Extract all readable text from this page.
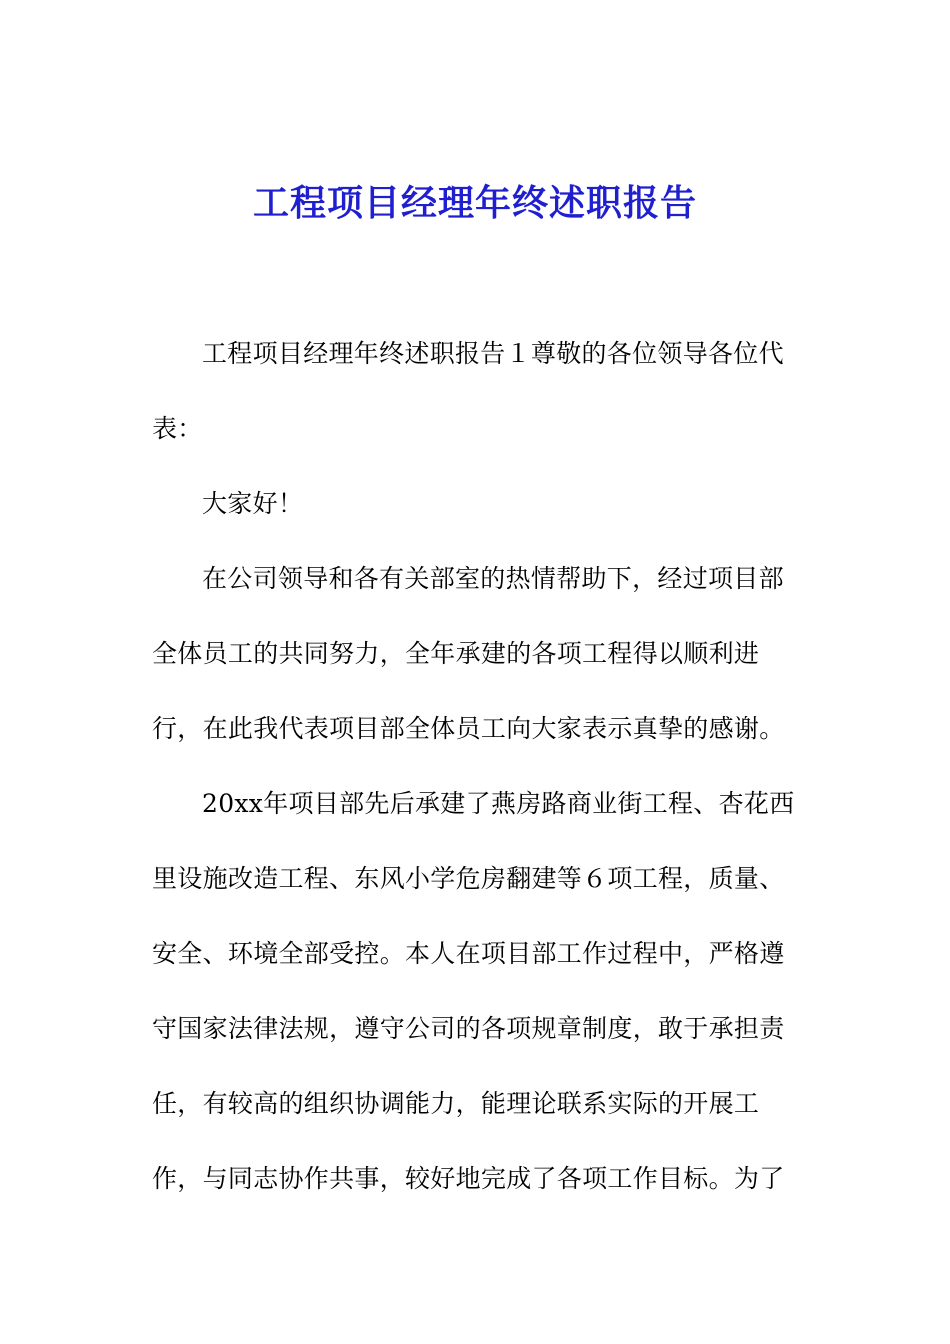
工程项目经理年终述职报告
工程项目经理年终述职报告１尊敬的各位领导各位代
表：
大家好！
在公司领导和各有关部室的热情帮助下，经过项目部
全体员工的共同努力，全年承建的各项工程得以顺利进
行，在此我代表项目部全体员工向大家表示真挚的感谢。
20xx年项目部先后承建了燕房路商业街工程、杏花西
里设施改造工程、东风小学危房翻建等６项工程，质量、
安全、环境全部受控。本人在项目部工作过程中，严格遵
守国家法律法规，遵守公司的各项规章制度，敢于承担责
任，有较高的组织协调能力，能理论联系实际的开展工
作，与同志协作共事，较好地完成了各项工作目标。为了
